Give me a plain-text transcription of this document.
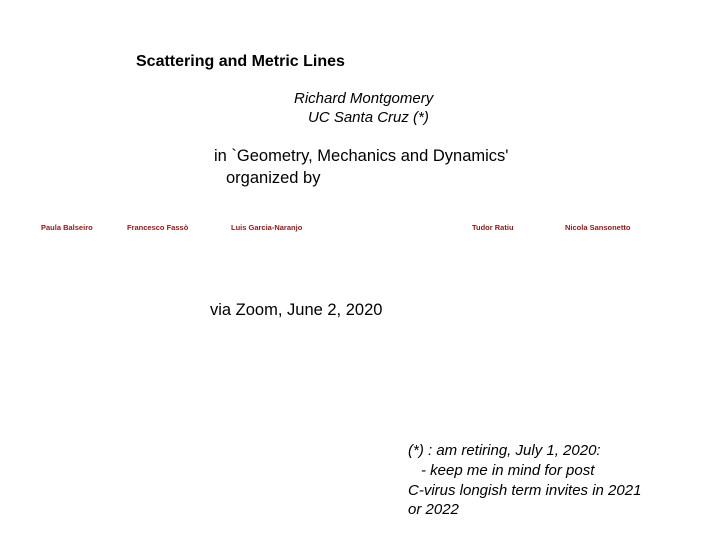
Scattering and Metric Lines
Richard Montgomery
UC Santa Cruz (*)
in `Geometry, Mechanics and Dynamics'
organized by
Paula Balseiro	Francesco Fassò	Luis Garcia-Naranjo	Tudor Ratiu	Nicola Sansonetto
via Zoom, June 2, 2020
(*) : am retiring, July 1, 2020:
- keep me in mind for post
C-virus longish term invites in 2021
or 2022
